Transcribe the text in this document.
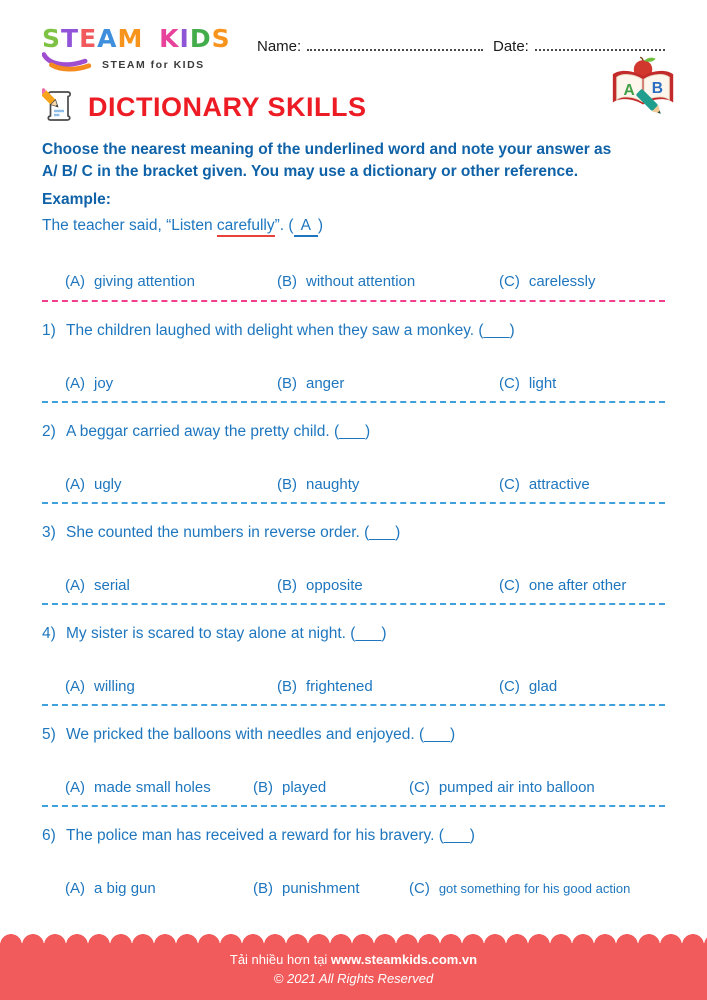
STEAM KIDS
STEAM for KIDS
Name:	Date:
DICTIONARY SKILLS
A B
Choose the nearest meaning of the underlined word and note your answer as
A/ B/ C in the bracket given. You may use a dictionary or other reference.
Example:
The teacher said, “Listen carefully”. ( A )
(A) giving attention	(B) without attention	(C) carelessly
1) The children laughed with delight when they saw a monkey. (___)
(A) joy	(B) anger	(C) light
2) A beggar carried away the pretty child. (___)
(A) ugly	(B) naughty	(C) attractive
3) She counted the numbers in reverse order. (___)
(A) serial	(B) opposite	(C) one after other
4) My sister is scared to stay alone at night. (___)
(A) willing	(B) frightened	(C) glad
5) We pricked the balloons with needles and enjoyed. (___)
(A) made small holes	(B) played	(C) pumped air into balloon
6) The police man has received a reward for his bravery. (___)
(A) a big gun	(B) punishment	(C) got something for his good action
Tải nhiều hơn tại www.steamkids.com.vn
© 2021 All Rights Reserved
